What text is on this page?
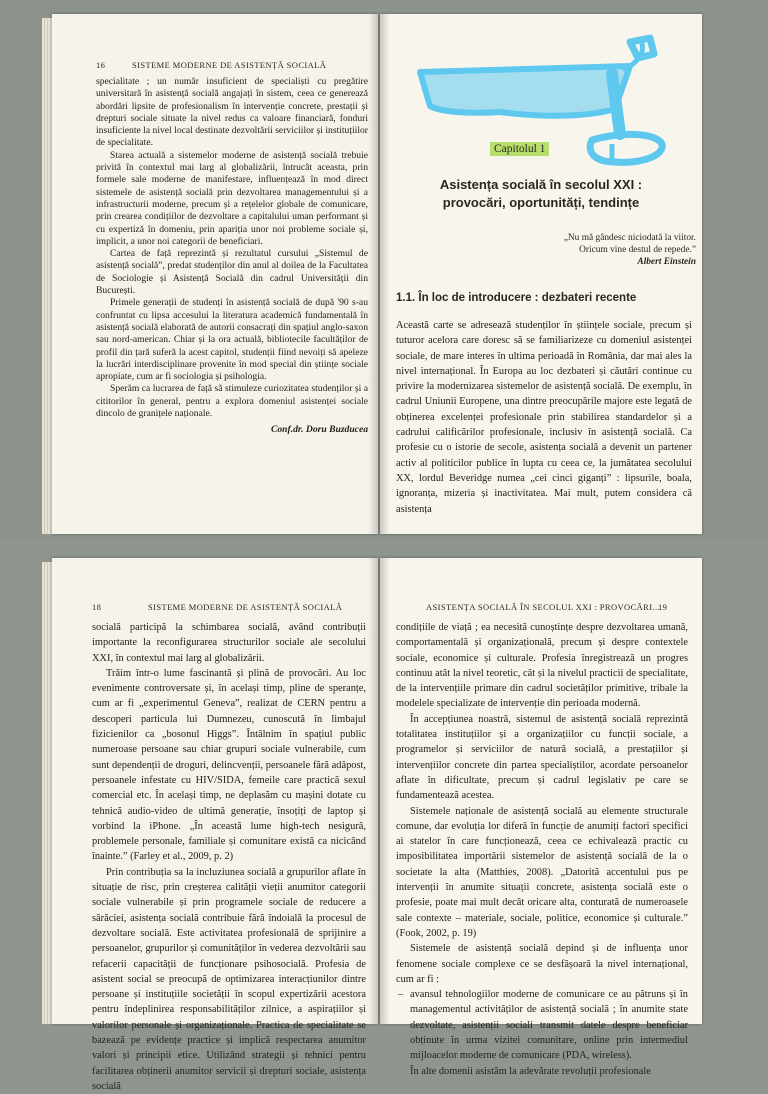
16	SISTEME MODERNE DE ASISTENȚĂ SOCIALĂ

specialitate ; un număr insuficient de specialiști cu pregătire universitară în asistență socială angajați în sistem, ceea ce generează abordări lipsite de profesionalism în intervenție concrete, prestații și drepturi sociale situate la nivel redus ca valoare financiară, fonduri insuficiente la nivel local destinate dezvoltării serviciilor și instituțiilor de specialitate.

Starea actuală a sistemelor moderne de asistență socială trebuie privită în contextul mai larg al globalizării, întrucât aceasta, prin formele sale moderne de manifestare, influențează în mod direct sistemele de asistență socială prin dezvoltarea managementului și a infrastructurii moderne, precum și a rețelelor globale de comunicare, prin crearea condițiilor de dezvoltare a capitalului uman performant și cu expertiză în domeniu, prin apariția unor noi probleme sociale și, implicit, a unor noi categorii de beneficiari.

Cartea de față reprezintă și rezultatul cursului „Sistemul de asistență socială”, predat studenților din anul al doilea de la Facultatea de Sociologie și Asistență Socială din cadrul Universității din București.

Primele generații de studenți în asistență socială de după '90 s-au confruntat cu lipsa accesului la literatura academică fundamentală în asistență socială elaborată de autorii consacrați din spațiul anglo-saxon sau nord-american. Chiar și la ora actuală, bibliotecile facultăților de profil din țară suferă la acest capitol, studenții fiind nevoiți să apeleze la lucrări interdisciplinare provenite în mod special din științe sociale apropiate, cum ar fi sociologia și psihologia.

Sperăm ca lucrarea de față să stimuleze curiozitatea studenților și a cititorilor în general, pentru a explora domeniul asistenței sociale dincolo de granițele naționale.

Conf.dr. Doru Buzducea

Capitolul 1
Asistența socială în secolul XXI :
provocări, oportunități, tendințe
„Nu mă gândesc niciodată la viitor.
Oricum vine destul de repede.”
Albert Einstein
1.1. În loc de introducere : dezbateri recente

Această carte se adresează studenților în științele sociale, precum și tuturor acelora care doresc să se familiarizeze cu domeniul asistenței sociale, de mare interes în ultima perioadă în România, dar mai ales la nivel internațional. În Europa au loc dezbateri și căutări continue cu privire la modernizarea sistemelor de asistență socială. De exemplu, în cadrul Uniunii Europene, una dintre preocupările majore este legată de obținerea excelenței profesionale prin stabilirea standardelor și a cadrului calificărilor profesionale, inclusiv în asistență socială. Ca profesie cu o istorie de secole, asistența socială a devenit un partener activ al politicilor publice în lupta cu ceea ce, la jumătatea secolului XX, lordul Beveridge numea „cei cinci giganți” : lipsurile, boala, ignoranța, mizeria și inactivitatea. Mai mult, putem considera că asistența

18	SISTEME MODERNE DE ASISTENȚĂ SOCIALĂ

socială participă la schimbarea socială, având contribuții importante la reconfigurarea structurilor sociale ale secolului XXI, în contextul mai larg al globalizării.

Trăim într-o lume fascinantă și plină de provocări. Au loc evenimente controversate și, în același timp, pline de speranțe, cum ar fi „experimentul Geneva”, realizat de CERN pentru a descoperi particula lui Dumnezeu, cunoscută în limbajul fizicienilor ca „bosonul Higgs”. Întâlnim în spațiul public numeroase persoane sau chiar grupuri sociale vulnerabile, cum sunt dependenții de droguri, delincvenții, persoanele fără adăpost, persoanele infestate cu HIV/SIDA, femeile care practică sexul comercial etc. În același timp, ne deplasăm cu mașini dotate cu tehnică audio-video de ultimă generație, însoțiți de laptop și vorbind la iPhone. „În această lume high-tech nesigură, problemele personale, familiale și comunitare există ca nicicând înainte.” (Farley et al., 2009, p. 2)

Prin contribuția sa la incluziunea socială a grupurilor aflate în situație de risc, prin creșterea calității vieții anumitor categorii sociale vulnerabile și prin programele sociale de reducere a sărăciei, asistența socială contribuie fără îndoială la procesul de dezvoltare socială. Este activitatea profesională de sprijinire a persoanelor, grupurilor și comunităților în vederea dezvoltării sau refacerii capacității de funcționare psihosocială. Profesia de asistent social se preocupă de optimizarea interacțiunilor dintre persoane și instituțiile societății în scopul expertizării acestora pentru îndeplinirea responsabilităților zilnice, a aspirațiilor și valorilor personale și organizaționale. Practica de specialitate se bazează pe evidențe practice și implică respectarea anumitor valori și principii etice. Utilizând strategii și tehnici pentru facilitarea obținerii anumitor servicii și drepturi sociale, asistența socială

ASISTENȚA SOCIALĂ ÎN SECOLUL XXI : PROVOCĂRI...
19

condițiile de viață ; ea necesită cunoștințe despre dezvoltarea umană, comportamentală și organizațională, precum și despre contextele sociale, economice și culturale. Profesia înregistrează un progres continuu atât la nivel teoretic, cât și la nivelul practicii de specialitate, de la intervențiile primare din cadrul societăților primitive, tribale la modelele specializate de intervenție din perioada modernă.

În accepțiunea noastră, sistemul de asistență socială reprezintă totalitatea instituțiilor și a organizațiilor cu funcții sociale, a programelor și serviciilor de natură socială, a prestațiilor și intervențiilor concrete din partea specialiștilor, acordate persoanelor aflate în dificultate, precum și cadrul legislativ pe care se fundamentează acestea.

Sistemele naționale de asistență socială au elemente structurale comune, dar evoluția lor diferă în funcție de anumiți factori specifici ai statelor în care funcționează, ceea ce echivalează practic cu imposibilitatea importării sistemelor de asistență socială de la o societate la alta (Matthies, 2008). „Datorită accentului pus pe intervenții în anumite situații concrete, asistența socială este o profesie, poate mai mult decât oricare alta, conturată de numeroasele sale contexte – materiale, sociale, politice, economice și culturale.” (Fook, 2002, p. 19)

Sistemele de asistență socială depind și de influența unor fenomene sociale complexe ce se desfășoară la nivel internațional, cum ar fi :

– avansul tehnologiilor moderne de comunicare ce au pătruns și în managementul activităților de asistență socială ; în anumite state dezvoltate, asistenții sociali transmit datele despre beneficiar obținute în urma vizitei comunitare, online prin intermediul mijloacelor moderne de comunicare (PDA, wireless).

În alte domenii asistăm la adevărate revoluții profesionale
